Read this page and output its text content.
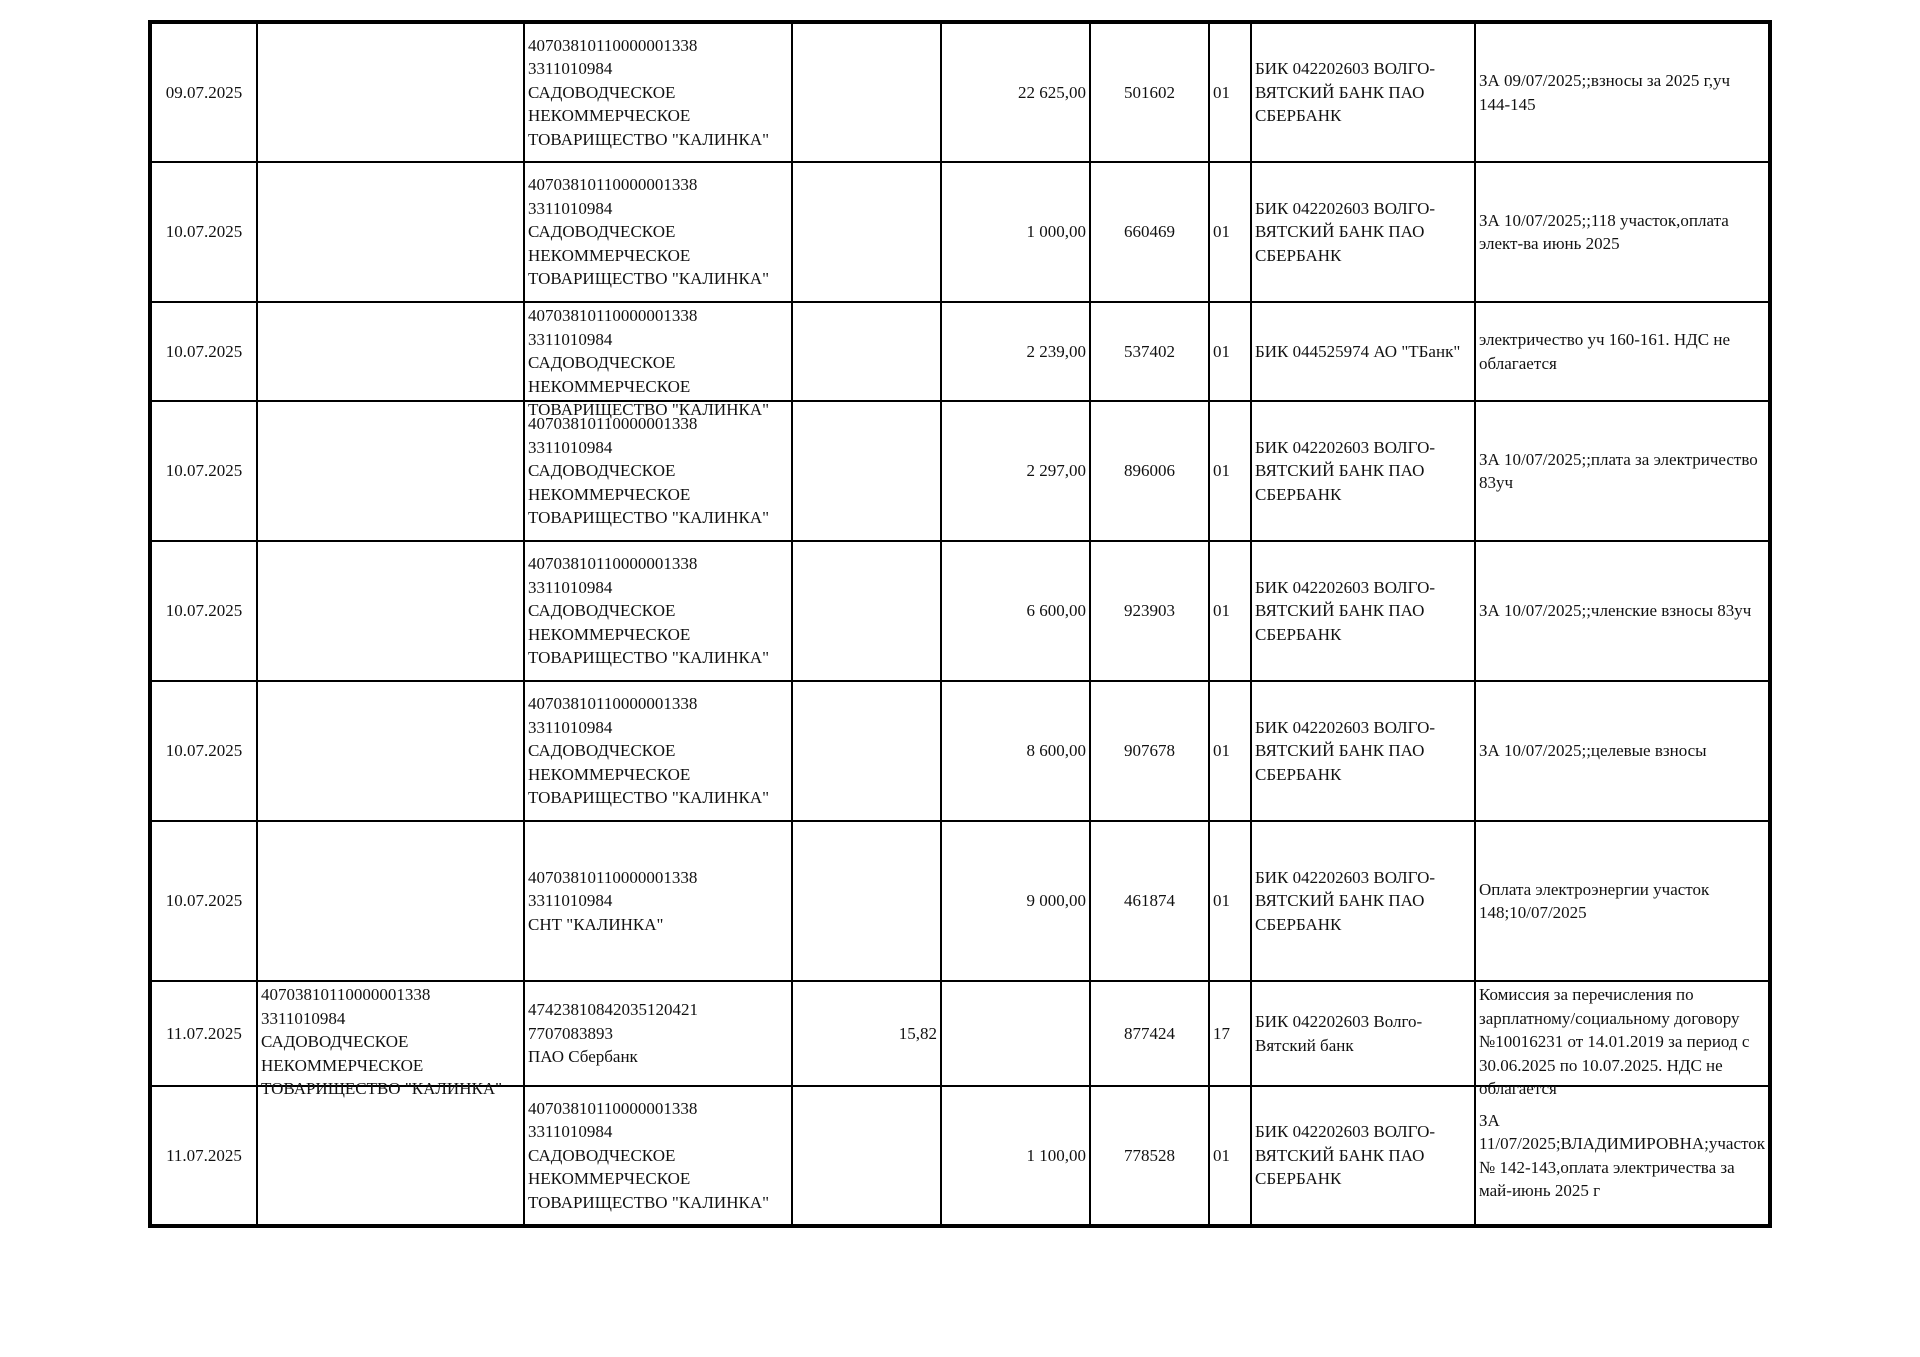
09.07.2025		40703810110000001338
3311010984
САДОВОДЧЕСКОЕ
НЕКОММЕРЧЕСКОЕ
ТОВАРИЩЕСТВО "КАЛИНКА"		22 625,00	501602	01	БИК 042202603 ВОЛГО-ВЯТСКИЙ БАНК ПАО СБЕРБАНК	ЗА 09/07/2025;;взносы за 2025 г,уч 144-145

10.07.2025		40703810110000001338
3311010984
САДОВОДЧЕСКОЕ
НЕКОММЕРЧЕСКОЕ
ТОВАРИЩЕСТВО "КАЛИНКА"		1 000,00	660469	01	БИК 042202603 ВОЛГО-ВЯТСКИЙ БАНК ПАО СБЕРБАНК	ЗА 10/07/2025;;118 участок,оплата элект-ва июнь 2025

10.07.2025		40703810110000001338
3311010984
САДОВОДЧЕСКОЕ
НЕКОММЕРЧЕСКОЕ
ТОВАРИЩЕСТВО "КАЛИНКА"		2 239,00	537402	01	БИК 044525974 АО "ТБанк"	электричество уч 160-161. НДС не облагается

10.07.2025		40703810110000001338
3311010984
САДОВОДЧЕСКОЕ
НЕКОММЕРЧЕСКОЕ
ТОВАРИЩЕСТВО "КАЛИНКА"		2 297,00	896006	01	БИК 042202603 ВОЛГО-ВЯТСКИЙ БАНК ПАО СБЕРБАНК	ЗА 10/07/2025;;плата за электричество 83уч

10.07.2025		40703810110000001338
3311010984
САДОВОДЧЕСКОЕ
НЕКОММЕРЧЕСКОЕ
ТОВАРИЩЕСТВО "КАЛИНКА"		6 600,00	923903	01	БИК 042202603 ВОЛГО-ВЯТСКИЙ БАНК ПАО СБЕРБАНК	ЗА 10/07/2025;;членские взносы 83уч

10.07.2025		40703810110000001338
3311010984
САДОВОДЧЕСКОЕ
НЕКОММЕРЧЕСКОЕ
ТОВАРИЩЕСТВО "КАЛИНКА"		8 600,00	907678	01	БИК 042202603 ВОЛГО-ВЯТСКИЙ БАНК ПАО СБЕРБАНК	ЗА 10/07/2025;;целевые взносы

10.07.2025		40703810110000001338
3311010984
СНТ "КАЛИНКА"		9 000,00	461874	01	БИК 042202603 ВОЛГО-ВЯТСКИЙ БАНК ПАО СБЕРБАНК	Оплата электроэнергии участок 148;10/07/2025

11.07.2025	40703810110000001338
3311010984
САДОВОДЧЕСКОЕ
НЕКОММЕРЧЕСКОЕ
ТОВАРИЩЕСТВО "КАЛИНКА"	47423810842035120421
7707083893
ПАО Сбербанк	15,82		877424	17	БИК 042202603 Волго-Вятский банк	Комиссия за перечисления по зарплатному/социальному договору №10016231 от 14.01.2019 за период с 30.06.2025 по 10.07.2025. НДС не облагается

11.07.2025		40703810110000001338
3311010984
САДОВОДЧЕСКОЕ
НЕКОММЕРЧЕСКОЕ
ТОВАРИЩЕСТВО "КАЛИНКА"		1 100,00	778528	01	БИК 042202603 ВОЛГО-ВЯТСКИЙ БАНК ПАО СБЕРБАНК	ЗА 11/07/2025;ВЛАДИМИРОВНА;участок № 142-143,оплата электричества за май-июнь 2025 г
